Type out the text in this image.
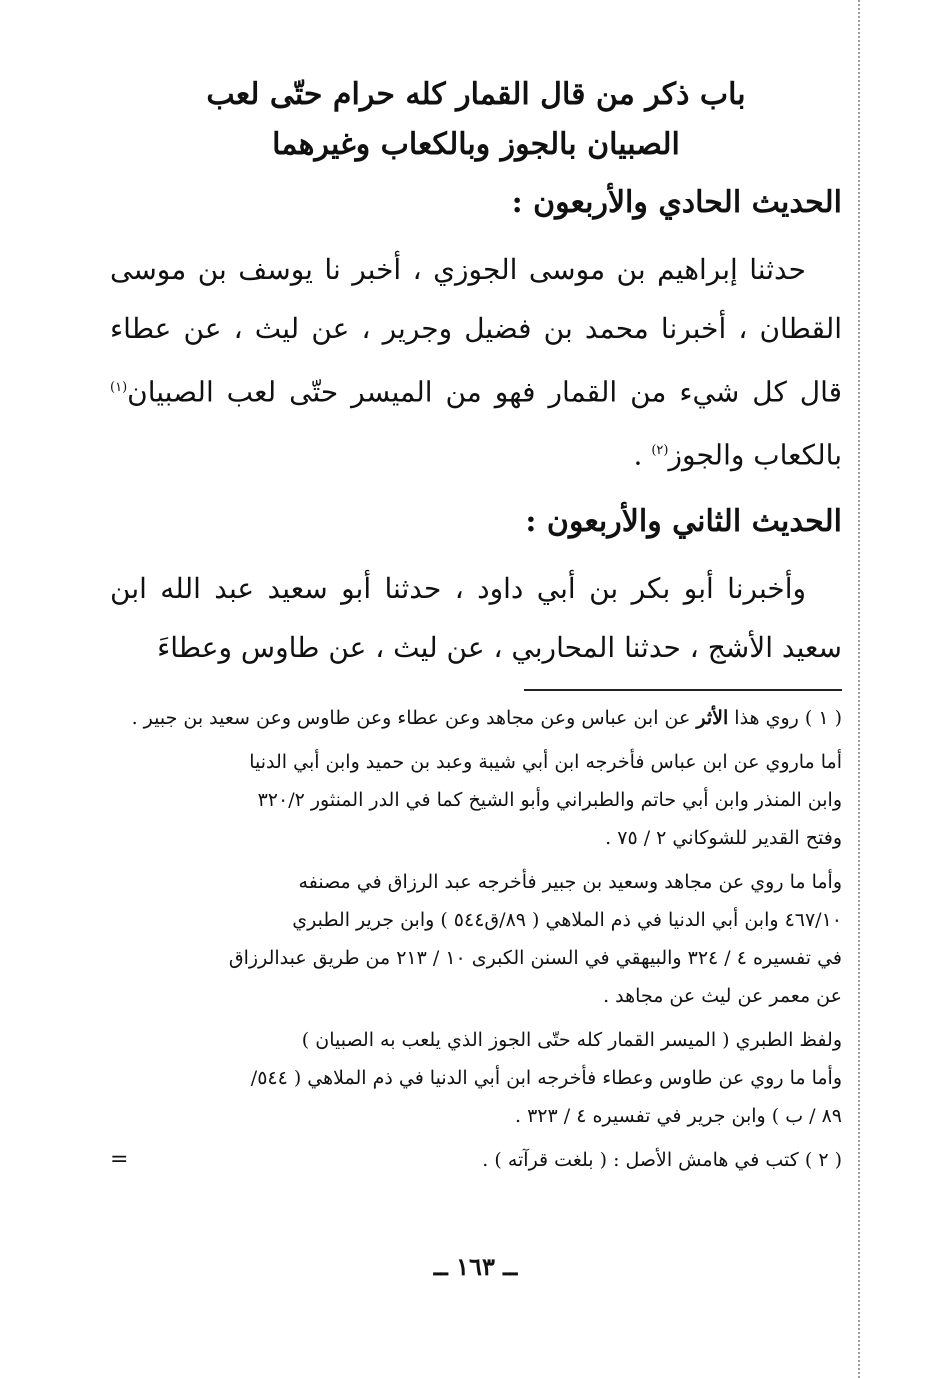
باب ذكر من قال القمار كله حرام حتّى لعب
الصبيان بالجوز وبالكعاب وغيرهما
الحديث الحادي والأربعون :

حدثنا إبراهيم بن موسى الجوزي ، أخبر نا يوسف بن موسى القطان ، أخبرنا محمد بن فضيل وجرير ، عن ليث ، عن عطاء قال كل شيء من القمار فهو من الميسر حتّى لعب الصبيان$^{(١)}$ بالكعاب والجوز$^{(٢)}$ .

الحديث الثاني والأربعون :

وأخبرنا أبو بكر بن أبي داود ، حدثنا أبو سعيد عبد الله ابن سعيد الأشج ، حدثنا المحاربي ، عن ليث ، عن طاوس وعطاءَ

( ١ ) روي هذا الأثر عن ابن عباس وعن مجاهد وعن عطاء وعن طاوس وعن سعيد بن جبير .
أما ماروي عن ابن عباس فأخرجه ابن أبي شيبة وعبد بن حميد وابن أبي الدنيا
وابن المنذر وابن أبي حاتم والطبراني وأبو الشيخ كما في الدر المنثور ٣٢٠/٢
وفتح القدير للشوكاني ٢ / ٧٥ .
وأما ما روي عن مجاهد وسعيد بن جبير فأخرجه عبد الرزاق في مصنفه
٤٦٧/١٠ وابن أبي الدنيا في ذم الملاهي ( ٨٩/ق٥٤٤ ) وابن جرير الطبري
في تفسيره ٤ / ٣٢٤ والبيهقي في السنن الكبرى ١٠ / ٢١٣ من طريق عبدالرزاق
عن معمر عن ليث عن مجاهد .
ولفظ الطبري ( الميسر القمار كله حتّى الجوز الذي يلعب به الصبيان )
وأما ما روي عن طاوس وعطاء فأخرجه ابن أبي الدنيا في ذم الملاهي ( ٥٤٤/
٨٩ / ب ) وابن جرير في تفسيره ٤ / ٣٢٣ .
( ٢ ) كتب في هامش الأصل : ( بلغت قرآته ) .
=
ــ ١٦٣ ــ
